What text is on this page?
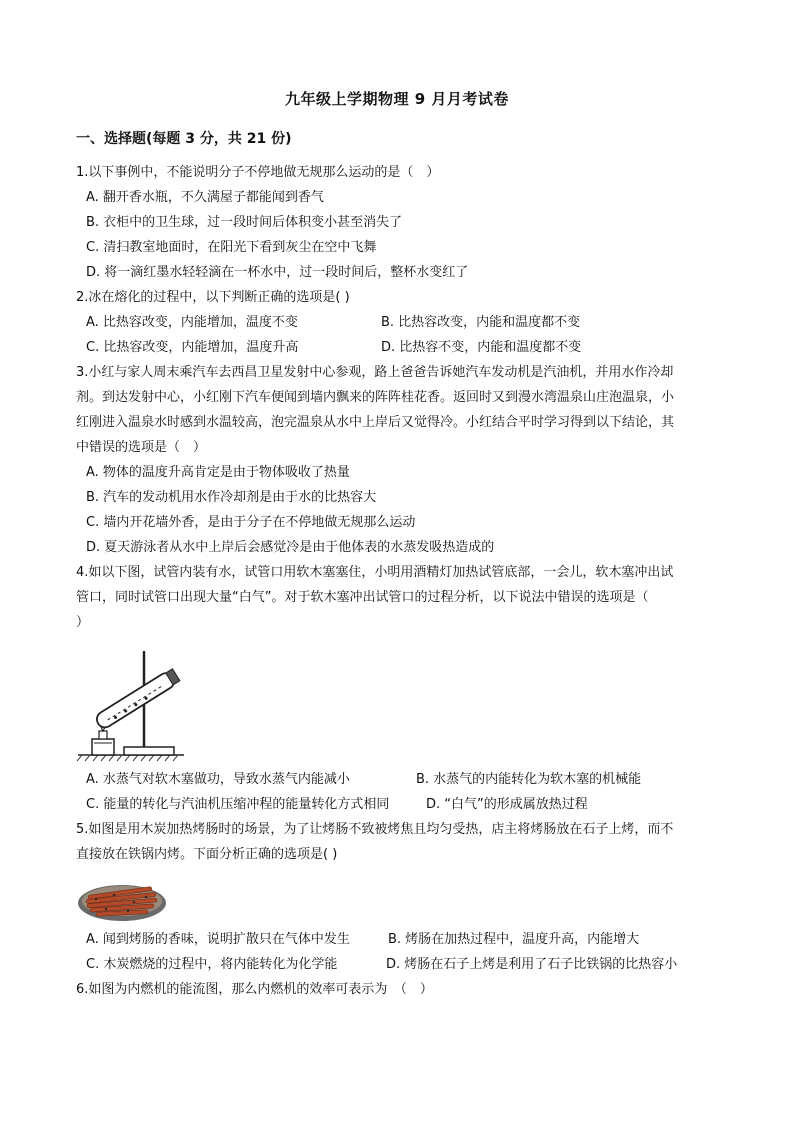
九年级上学期物理 9 月月考试卷
一、选择题(每题 3 分，共 21 份)

1.以下事例中，不能说明分子不停地做无规那么运动的是（　）

A. 翻开香水瓶，不久满屋子都能闻到香气

B. 衣柜中的卫生球，过一段时间后体积变小甚至消失了

C. 清扫教室地面时，在阳光下看到灰尘在空中飞舞

D. 将一滴红墨水轻轻滴在一杯水中，过一段时间后，整杯水变红了

2.冰在熔化的过程中，以下判断正确的选项是( )

A. 比热容改变，内能增加，温度不变	B. 比热容改变，内能和温度都不变
C. 比热容改变，内能增加，温度升高	D. 比热容不变，内能和温度都不变

3.小红与家人周末乘汽车去西昌卫星发射中心参观，路上爸爸告诉她汽车发动机是汽油机，并用水作冷却

剂。到达发射中心，小红刚下汽车便闻到墙内飘来的阵阵桂花香。返回时又到漫水湾温泉山庄泡温泉，小

红刚进入温泉水时感到水温较高，泡完温泉从水中上岸后又觉得冷。小红结合平时学习得到以下结论，其

中错误的选项是（　）

A. 物体的温度升高肯定是由于物体吸收了热量

B. 汽车的发动机用水作冷却剂是由于水的比热容大

C. 墙内开花墙外香，是由于分子在不停地做无规那么运动

D. 夏天游泳者从水中上岸后会感觉冷是由于他体表的水蒸发吸热造成的

4.如以下图，试管内装有水，试管口用软木塞塞住，小明用酒精灯加热试管底部，一会儿，软木塞冲出试

管口，同时试管口出现大量“白气”。对于软木塞冲出试管口的过程分析，以下说法中错误的选项是（

）

A. 水蒸气对软木塞做功，导致水蒸气内能减小	B. 水蒸气的内能转化为软木塞的机械能
C. 能量的转化与汽油机压缩冲程的能量转化方式相同	D. “白气”的形成属放热过程

5.如图是用木炭加热烤肠时的场景，为了让烤肠不致被烤焦且均匀受热，店主将烤肠放在石子上烤，而不

直接放在铁锅内烤。下面分析正确的选项是( )

A. 闻到烤肠的香味，说明扩散只在气体中发生	B. 烤肠在加热过程中，温度升高，内能增大
C. 木炭燃烧的过程中，将内能转化为化学能	D. 烤肠在石子上烤是利用了石子比铁锅的比热容小

6.如图为内燃机的能流图，那么内燃机的效率可表示为　（　）
